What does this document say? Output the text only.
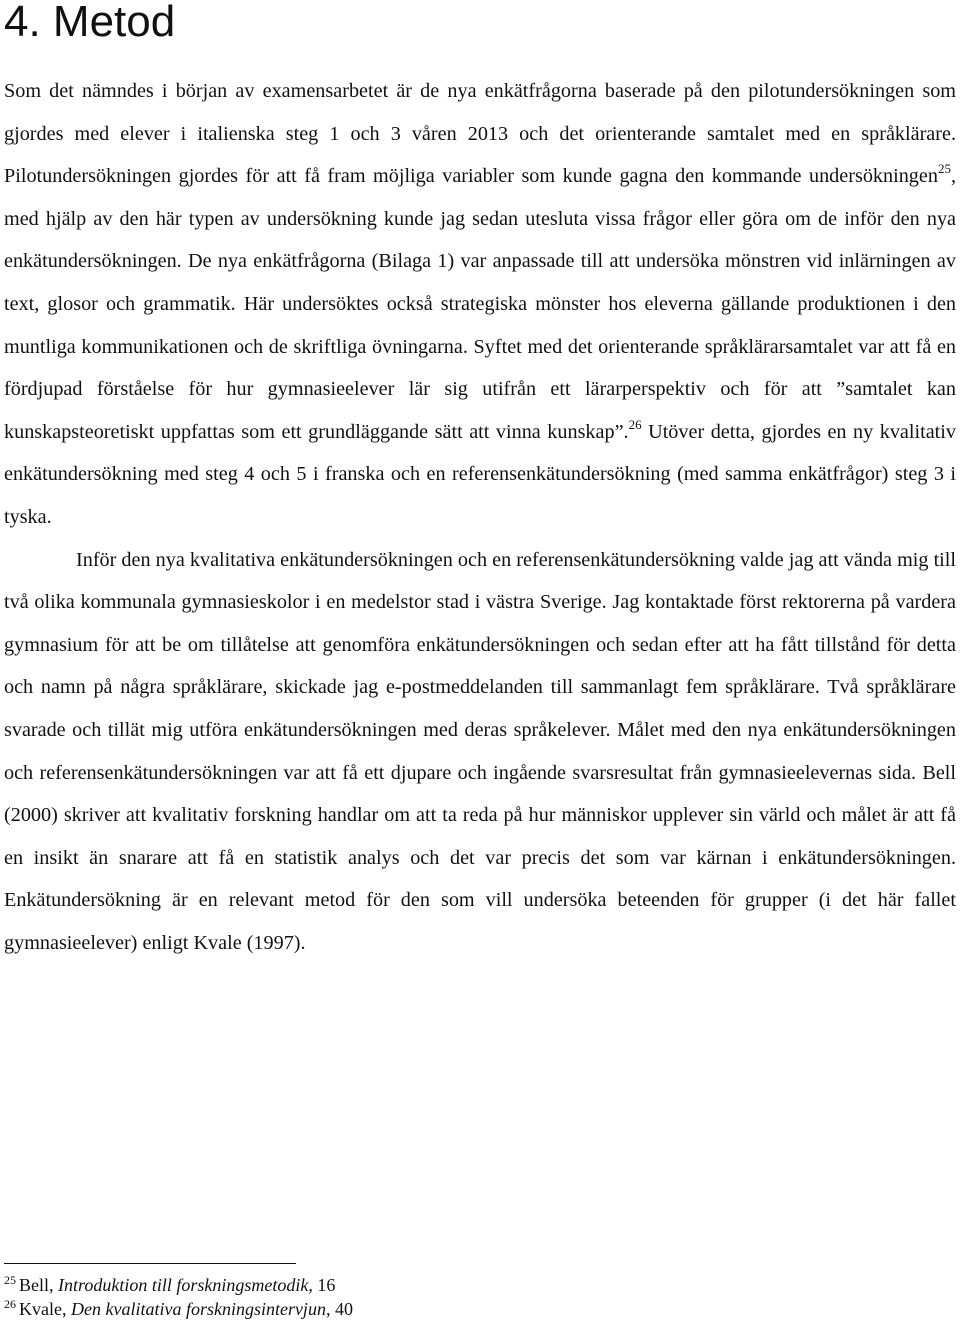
4. Metod

Som det nämndes i början av examensarbetet är de nya enkätfrågorna baserade på den pilotundersökningen som gjordes med elever i italienska steg 1 och 3 våren 2013 och det orienterande samtalet med en språklärare. Pilotundersökningen gjordes för att få fram möjliga variabler som kunde gagna den kommande undersökningen$^{25}$, med hjälp av den här typen av undersökning kunde jag sedan utesluta vissa frågor eller göra om de inför den nya enkätundersökningen. De nya enkätfrågorna (Bilaga 1) var anpassade till att undersöka mönstren vid inlärningen av text, glosor och grammatik. Här undersöktes också strategiska mönster hos eleverna gällande produktionen i den muntliga kommunikationen och de skriftliga övningarna. Syftet med det orienterande språklärarsamtalet var att få en fördjupad förståelse för hur gymnasieelever lär sig utifrån ett lärarperspektiv och för att ”samtalet kan kunskapsteoretiskt uppfattas som ett grundläggande sätt att vinna kunskap”.$^{26}$ Utöver detta, gjordes en ny kvalitativ enkätundersökning med steg 4 och 5 i franska och en referensenkätundersökning (med samma enkätfrågor) steg 3 i tyska.

Inför den nya kvalitativa enkätundersökningen och en referensenkätundersökning valde jag att vända mig till två olika kommunala gymnasieskolor i en medelstor stad i västra Sverige. Jag kontaktade först rektorerna på vardera gymnasium för att be om tillåtelse att genomföra enkätundersökningen och sedan efter att ha fått tillstånd för detta och namn på några språklärare, skickade jag e-postmeddelanden till sammanlagt fem språklärare. Två språklärare svarade och tillät mig utföra enkätundersökningen med deras språkelever. Målet med den nya enkätundersökningen och referensenkätundersökningen var att få ett djupare och ingående svarsresultat från gymnasieelevernas sida. Bell (2000) skriver att kvalitativ forskning handlar om att ta reda på hur människor upplever sin värld och målet är att få en insikt än snarare att få en statistik analys och det var precis det som var kärnan i enkätundersökningen. Enkätundersökning är en relevant metod för den som vill undersöka beteenden för grupper (i det här fallet gymnasieelever) enligt Kvale (1997).

$^{25}$ Bell, Introduktion till forskningsmetodik, 16
$^{26}$ Kvale, Den kvalitativa forskningsintervjun, 40
